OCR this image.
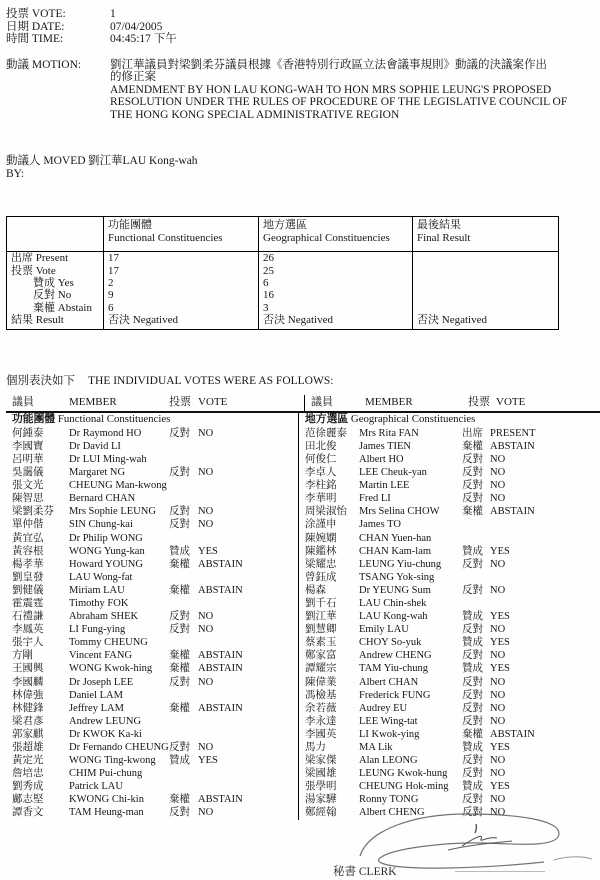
投票 VOTE:	1
日期 DATE:	07/04/2005
時間 TIME:	04:45:17 下午
動議 MOTION:	劉江華議員對梁劉柔芬議員根據《香港特別行政區立法會議事規則》動議的決議案作出
的修正案
AMENDMENT BY HON LAU KONG-WAH TO HON MRS SOPHIE LEUNG'S PROPOSED
RESOLUTION UNDER THE RULES OF PROCEDURE OF THE LEGISLATIVE COUNCIL OF
THE HONG KONG SPECIAL ADMINISTRATIVE REGION
動議人 MOVED BY:
劉江華LAU Kong-wah
功能團體
Functional Constituencies
地方選區
Geographical Constituencies
最後結果
Final Result
出席 Present	17	26
投票 Vote	17	25
　　贊成 Yes	2	6
　　反對 No	9	16
　　棄權 Abstain	6	3
結果 Result	否決 Negatived	否決 Negatived	否決 Negatived
個別表決如下	THE INDIVIDUAL VOTES WERE AS FOLLOWS:
議員	MEMBER	投票 VOTE	議員	MEMBER	投票 VOTE
功能團體 Functional Constituencies
何鍾泰	Dr Raymond HO	反對 NO
李國寶	Dr David LI
呂明華	Dr LUI Ming-wah
吳靄儀	Margaret NG	反對 NO
張文光	CHEUNG Man-kwong
陳智思	Bernard CHAN
梁劉柔芬	Mrs Sophie LEUNG	反對 NO
單仲偕	SIN Chung-kai	反對 NO
黃宜弘	Dr Philip WONG
黃容根	WONG Yung-kan	贊成 YES
楊孝華	Howard YOUNG	棄權 ABSTAIN
劉皇發	LAU Wong-fat
劉健儀	Miriam LAU	棄權 ABSTAIN
霍震霆	Timothy FOK
石禮謙	Abraham SHEK	反對 NO
李鳳英	LI Fung-ying	反對 NO
張宇人	Tommy CHEUNG
方剛	Vincent FANG	棄權 ABSTAIN
王國興	WONG Kwok-hing	棄權 ABSTAIN
李國麟	Dr Joseph LEE	反對 NO
林偉強	Daniel LAM
林健鋒	Jeffrey LAM	棄權 ABSTAIN
梁君彥	Andrew LEUNG
郭家麒	Dr KWOK Ka-ki
張超雄	Dr Fernando CHEUNG 反對 NO
黃定光	WONG Ting-kwong	贊成 YES
詹培忠	CHIM Pui-chung
劉秀成	Patrick LAU
鄺志堅	KWONG Chi-kin	棄權 ABSTAIN
譚香文	TAM Heung-man	反對 NO
地方選區 Geographical Constituencies
范徐麗泰	Mrs Rita FAN	出席 PRESENT
田北俊	James TIEN	棄權 ABSTAIN
何俊仁	Albert HO	反對 NO
李卓人	LEE Cheuk-yan	反對 NO
李柱銘	Martin LEE	反對 NO
李華明	Fred LI	反對 NO
周梁淑怡	Mrs Selina CHOW	棄權 ABSTAIN
涂謹申	James TO
陳婉嫻	CHAN Yuen-han
陳鑑林	CHAN Kam-lam	贊成 YES
梁耀忠	LEUNG Yiu-chung	反對 NO
曾鈺成	TSANG Yok-sing
楊森	Dr YEUNG Sum	反對 NO
劉千石	LAU Chin-shek
劉江華	LAU Kong-wah	贊成 YES
劉慧卿	Emily LAU	反對 NO
蔡素玉	CHOY So-yuk	贊成 YES
鄭家富	Andrew CHENG	反對 NO
譚耀宗	TAM Yiu-chung	贊成 YES
陳偉業	Albert CHAN	反對 NO
馮檢基	Frederick FUNG	反對 NO
余若薇	Audrey EU	反對 NO
李永達	LEE Wing-tat	反對 NO
李國英	LI Kwok-ying	棄權 ABSTAIN
馬力	MA Lik	贊成 YES
梁家傑	Alan LEONG	反對 NO
梁國雄	LEUNG Kwok-hung	反對 NO
張學明	CHEUNG Hok-ming	贊成 YES
湯家驊	Ronny TONG	反對 NO
鄭經翰	Albert CHENG	反對 NO
秘書 CLERK
